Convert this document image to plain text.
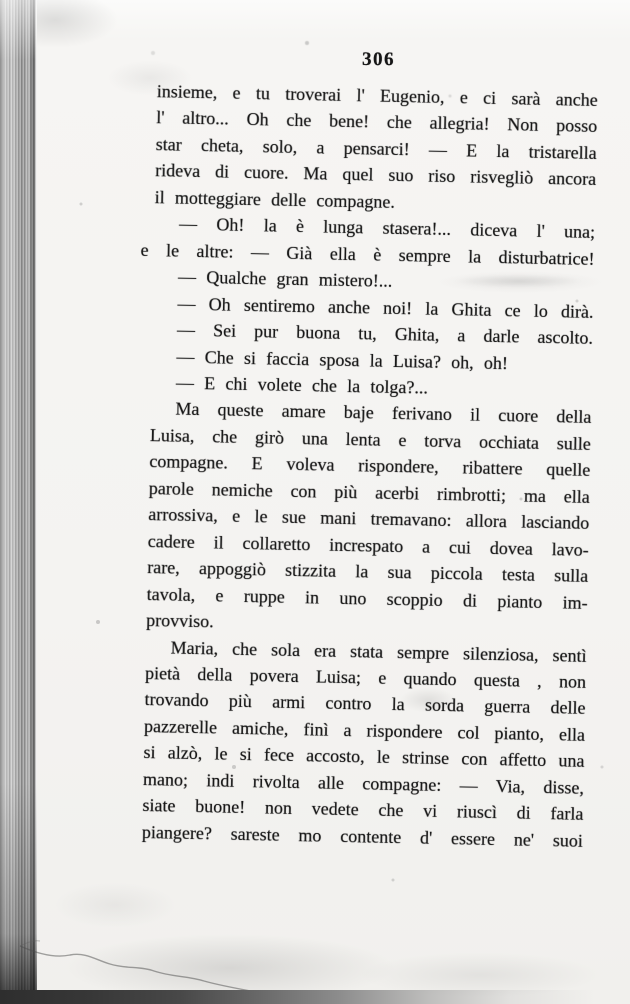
306
insieme, e tu troverai l' Eugenio, e ci sarà anche
l' altro... Oh che bene! che allegria! Non posso
star cheta, solo, a pensarci! — E la tristarella
rideva di cuore. Ma quel suo riso risvegliò ancora
il motteggiare delle compagne.
— Oh! la è lunga stasera!... diceva l' una;
e le altre: — Già ella è sempre la disturbatrice!
— Qualche gran mistero!...
— Oh sentiremo anche noi! la Ghita ce lo dirà.
— Sei pur buona tu, Ghita, a darle ascolto.
— Che si faccia sposa la Luisa? oh, oh!
— E chi volete che la tolga?...
Ma queste amare baje ferivano il cuore della
Luisa, che girò una lenta e torva occhiata sulle
compagne. E voleva rispondere, ribattere quelle
parole nemiche con più acerbi rimbrotti; ma ella
arrossiva, e le sue mani tremavano: allora lasciando
cadere il collaretto increspato a cui dovea lavo-
rare, appoggiò stizzita la sua piccola testa sulla
tavola, e ruppe in uno scoppio di pianto im-
provviso.
Maria, che sola era stata sempre silenziosa, sentì
pietà della povera Luisa; e quando questa , non
trovando più armi contro la sorda guerra delle
pazzerelle amiche, finì a rispondere col pianto, ella
si alzò, le si fece accosto, le strinse con affetto una
mano; indi rivolta alle compagne: — Via, disse,
siate buone! non vedete che vi riuscì di farla
piangere? sareste mo contente d' essere ne' suoi
